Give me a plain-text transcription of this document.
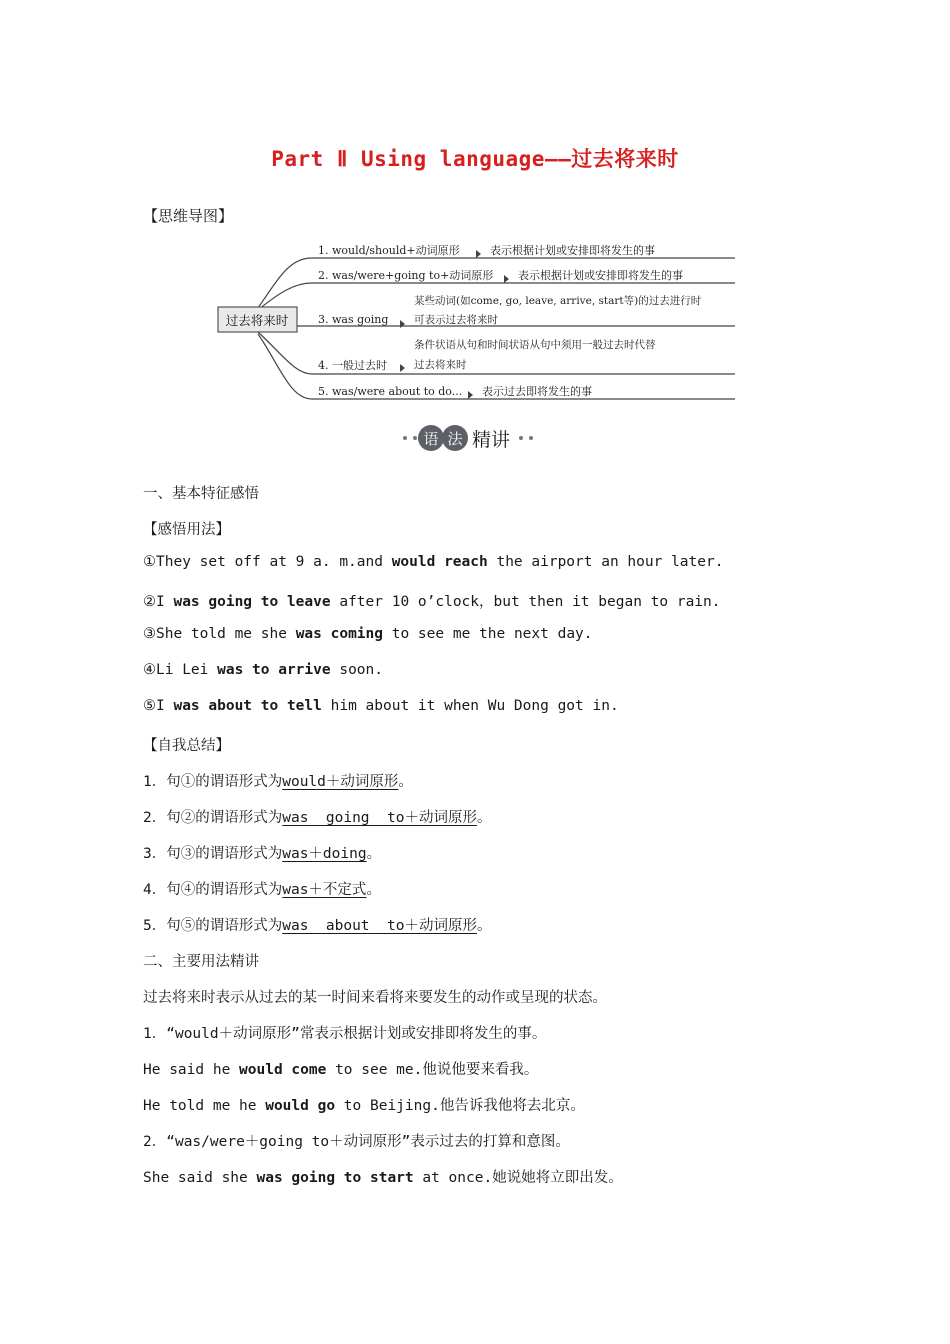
Part Ⅱ Using language——过去将来时
【思维导图】
过去将来时
1. would/should+动词原形	表示根据计划或安排即将发生的事
2. was/were+going to+动词原形 表示根据计划或安排即将发生的事
3. was going
某些动词(如come, go, leave, arrive, start等)的过去进行时
可表示过去将来时
4. 一般过去时
条件状语从句和时间状语从句中须用一般过去时代替
过去将来时
5. was/were about to do... 表示过去即将发生的事
语 法 精讲
一、基本特征感悟
【感悟用法】
①They set off at 9 a. m.and would reach the airport an hour later.
②I was going to leave after 10 o’clock，but then it began to rain.
③She told me she was coming to see me the next day.
④Li Lei was to arrive soon.
⑤I was about to tell him about it when Wu Dong got in.
【自我总结】
1．句①的谓语形式为would＋动词原形。
2．句②的谓语形式为was  going  to＋动词原形。
3．句③的谓语形式为was＋doing。
4．句④的谓语形式为was＋不定式。
5．句⑤的谓语形式为was  about  to＋动词原形。
二、主要用法精讲
过去将来时表示从过去的某一时间来看将来要发生的动作或呈现的状态。
1．“would＋动词原形”常表示根据计划或安排即将发生的事。
He said he would come to see me.他说他要来看我。
He told me he would go to Beijing.他告诉我他将去北京。
2．“was/were＋going to＋动词原形”表示过去的打算和意图。
She said she was going to start at once.她说她将立即出发。
